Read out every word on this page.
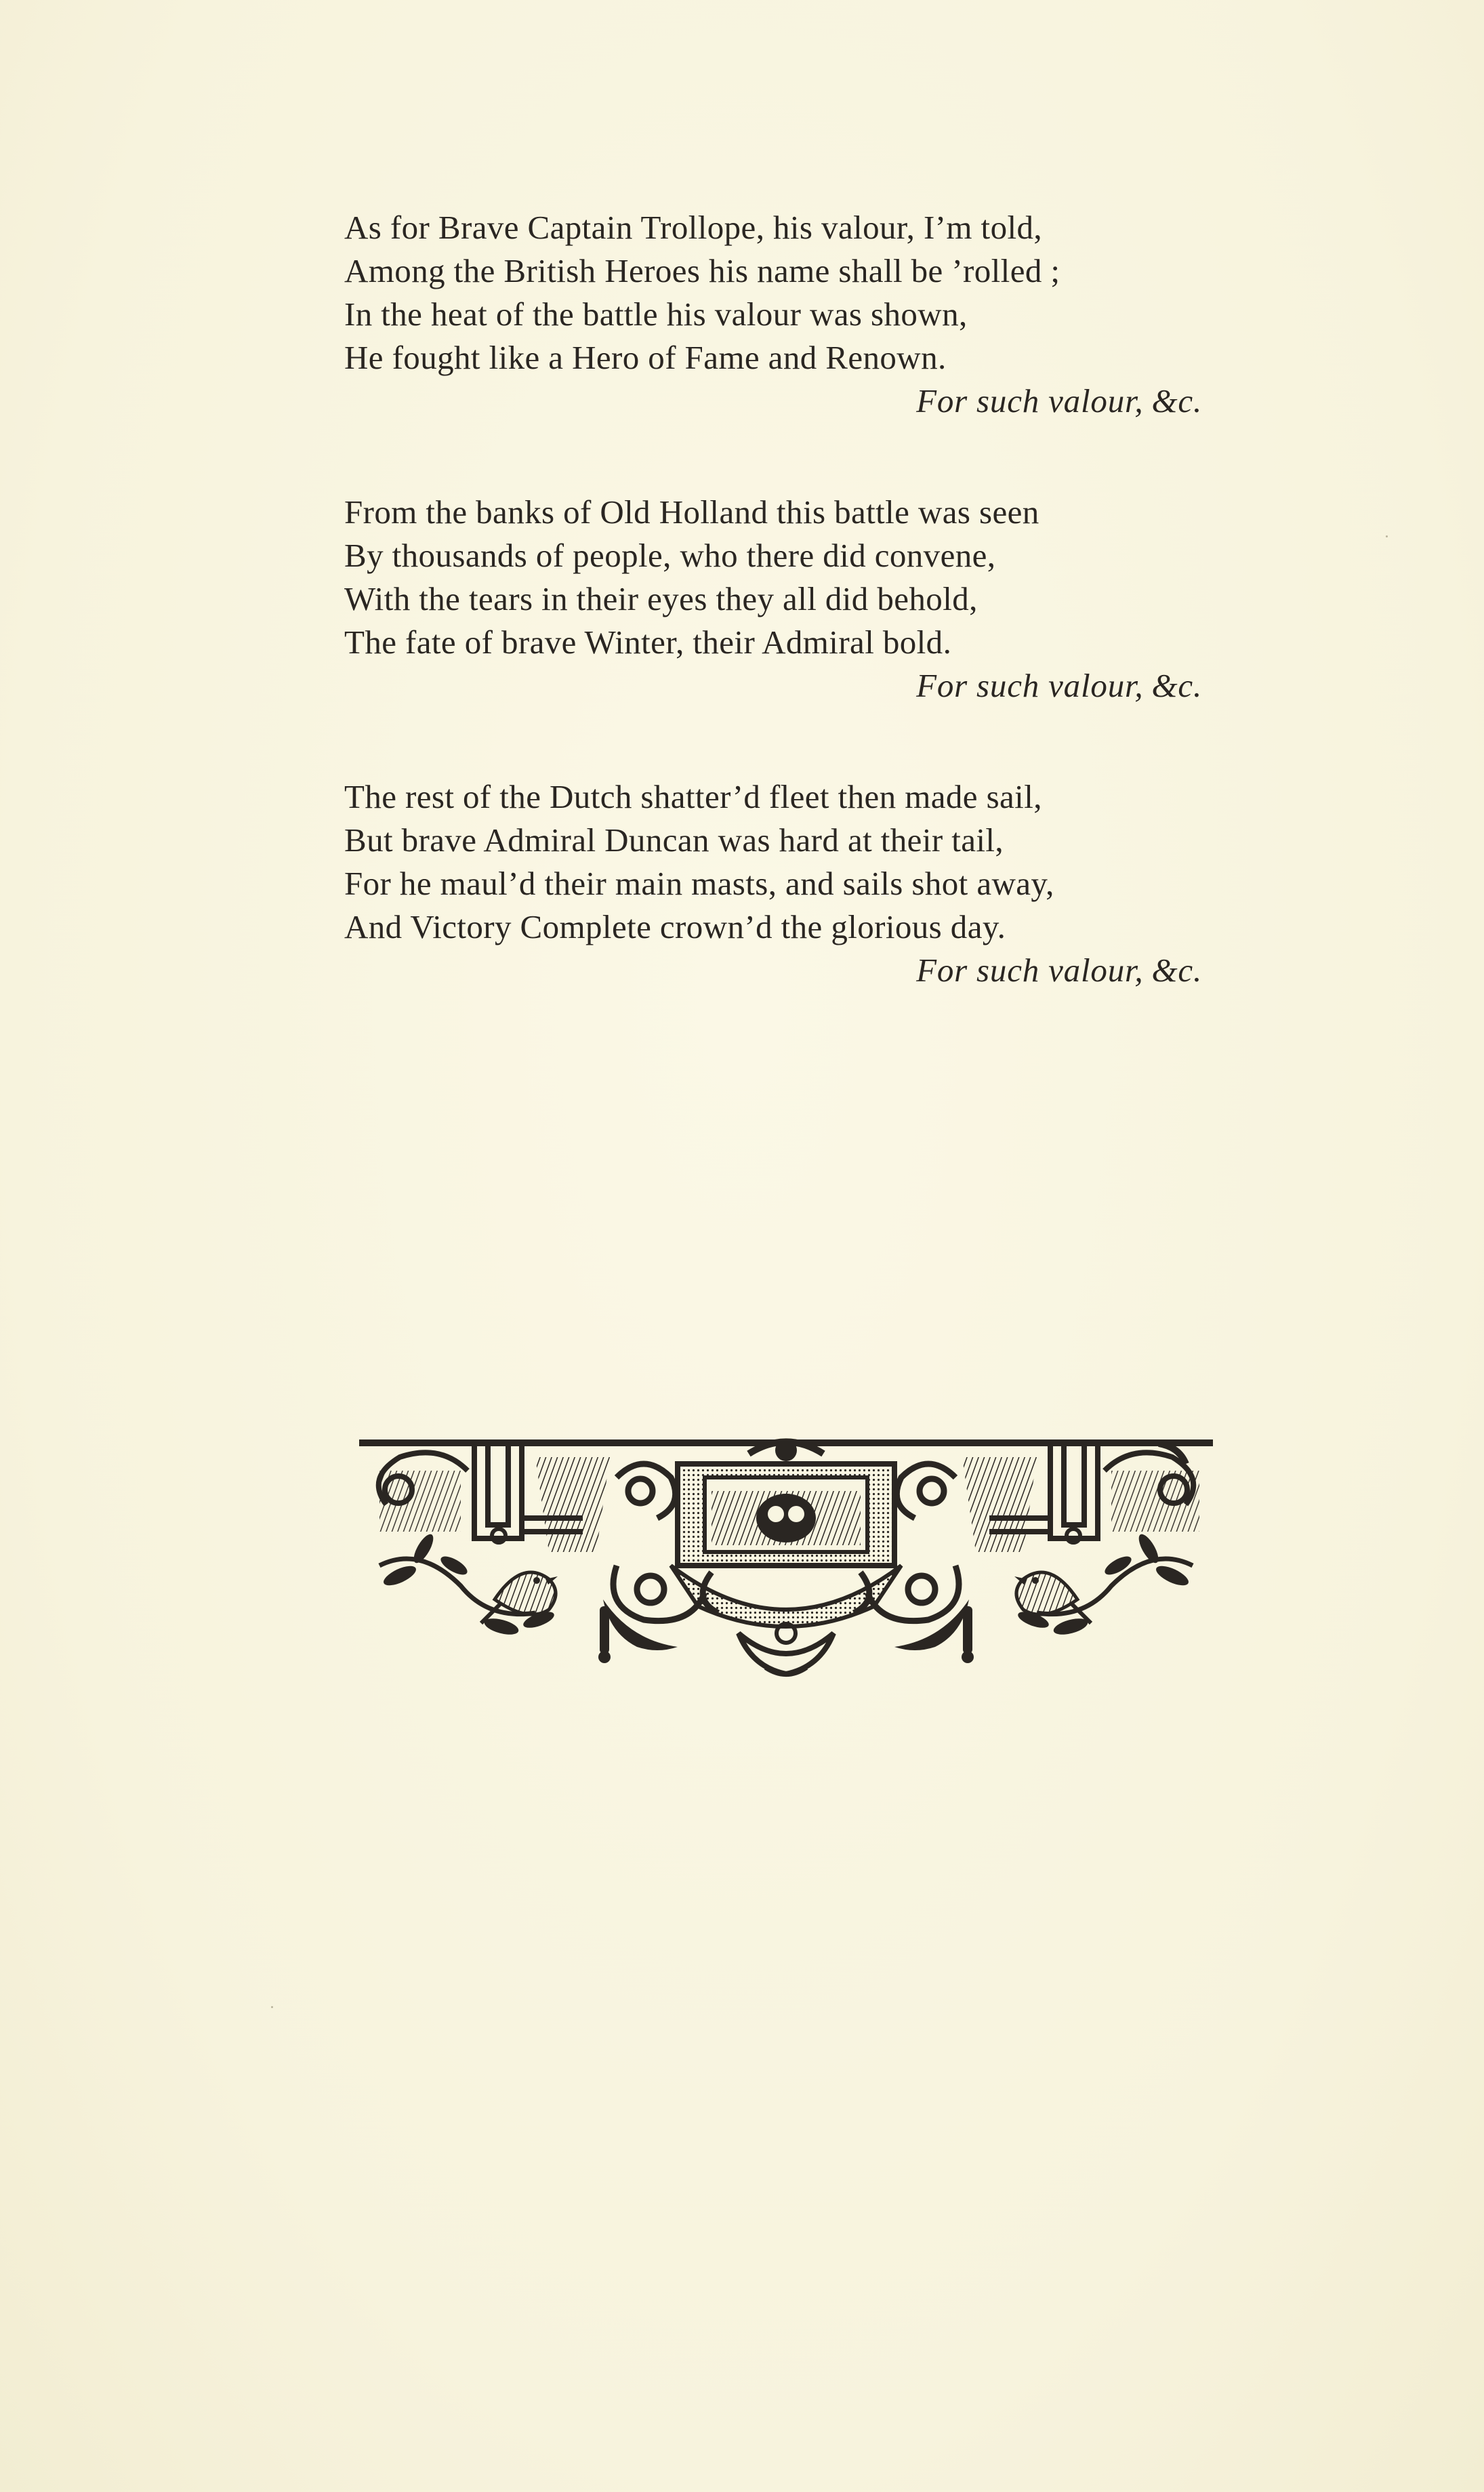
As for Brave Captain Trollope, his valour, I’m told,
Among the British Heroes his name shall be ’rolled ;
In the heat of the battle his valour was shown,
He fought like a Hero of Fame and Renown.
For such valour, &c.
From the banks of Old Holland this battle was seen
By thousands of people, who there did convene,
With the tears in their eyes they all did behold,
The fate of brave Winter, their Admiral bold.
For such valour, &c.
The rest of the Dutch shatter’d fleet then made sail,
But brave Admiral Duncan was hard at their tail,
For he maul’d their main masts, and sails shot away,
And Victory Complete crown’d the glorious day.
For such valour, &c.
